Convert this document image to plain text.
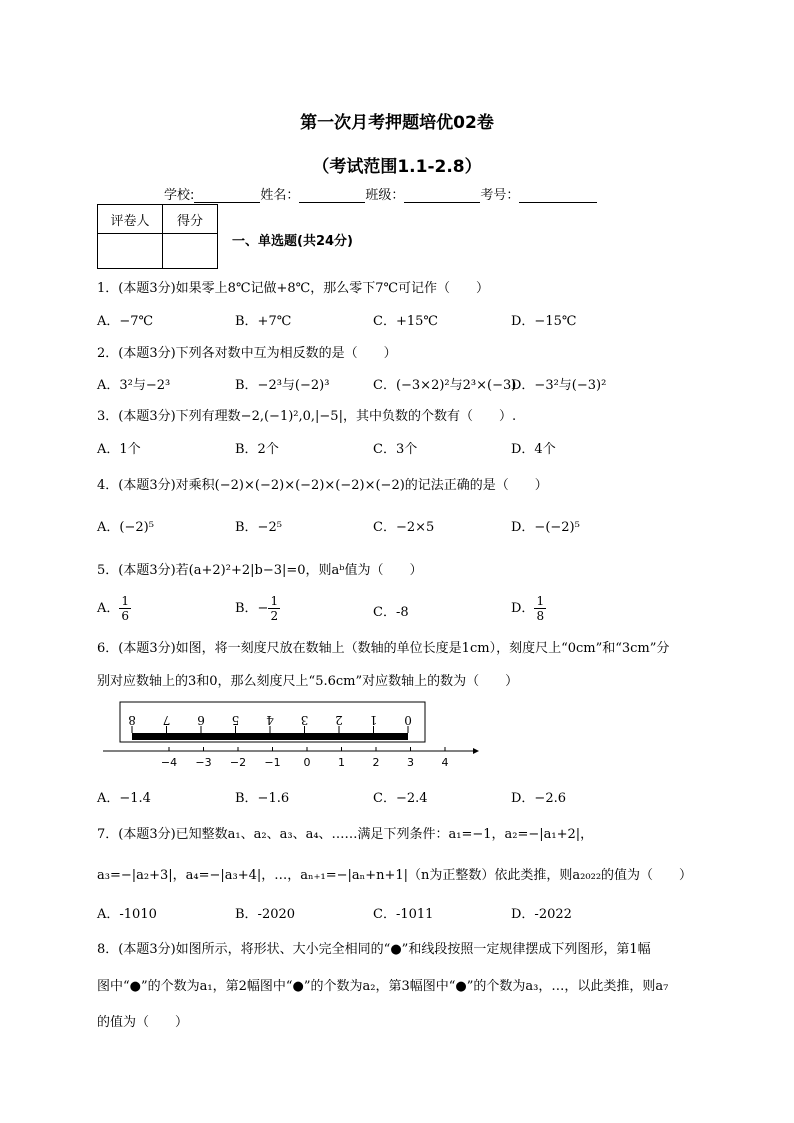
第一次月考押题培优02卷
（考试范围1.1-2.8）
学校:	姓名：	班级：	考号：
评卷人	得分

一、单选题(共24分)
1．(本题3分)如果零上8℃记做+8℃，那么零下7℃可记作（　　）
A．−7℃	B．+7℃	C．+15℃	D．−15℃
2．(本题3分)下列各对数中互为相反数的是（　　）
A．3²与−2³	B．−2³与(−2)³	C．(−3×2)²与2³×(−3)
D．−3²与(−3)²
3．(本题3分)下列有理数−2,(−1)²,0,|−5|，其中负数的个数有（　　）.
A．1个	B．2个	C．3个	D．4个
4．(本题3分)对乘积(−2)×(−2)×(−2)×(−2)×(−2)的记法正确的是（　　）
A．(−2)⁵	B．−2⁵	C．−2×5	D．−(−2)⁵
5．(本题3分)若(a+2)²+2|b−3|=0，则aᵇ值为（　　）
A． $\frac{1}{6}$	B．− $\frac{1}{2}$	C．-8	D． $\frac{1}{8}$
6．(本题3分)如图，将一刻度尺放在数轴上（数轴的单位长度是1cm），刻度尺上“0cm”和“3cm”分
别对应数轴上的3和0，那么刻度尺上“5.6cm”对应数轴上的数为（　　）
8 7 6 5 4 3 2 1 0
−4 −3 −2 −1 0	1	2	3	4
A．−1.4	B．−1.6	C．−2.4	D．−2.6
7．(本题3分)已知整数a₁、a₂、a₃、a₄、……满足下列条件：a₁=−1，a₂=−|a₁+2|，
a₃=−|a₂+3|，a₄=−|a₃+4|，…，aₙ₊₁=−|aₙ+n+1|（n为正整数）依此类推，则a₂₀₂₂的值为（　　）
A．-1010	B．-2020	C．-1011	D．-2022
8．(本题3分)如图所示，将形状、大小完全相同的“●”和线段按照一定规律摆成下列图形，第1幅
图中“●”的个数为a₁，第2幅图中“●”的个数为a₂，第3幅图中“●”的个数为a₃，…，以此类推，则a₇
的值为（　　）
